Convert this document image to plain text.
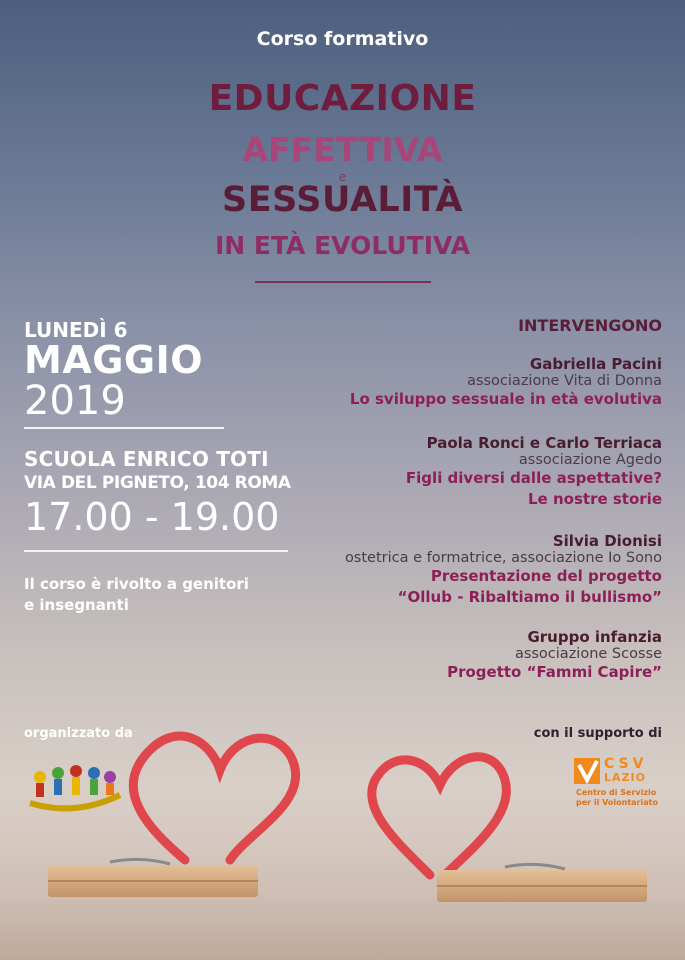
Corso formativo
EDUCAZIONE
AFFETTIVA
e
SESSUALITÀ
IN ETÀ EVOLUTIVA
LUNEDÌ 6
MAGGIO
2019
SCUOLA ENRICO TOTI
VIA DEL PIGNETO, 104 ROMA
17.00 - 19.00
Il corso è rivolto a genitori
e insegnanti
INTERVENGONO
Gabriella Pacini
associazione Vita di Donna
Lo sviluppo sessuale in età evolutiva
Paola Ronci e Carlo Terriaca
associazione Agedo
Figli diversi dalle aspettative?
Le nostre storie
Silvia Dionisi
ostetrica e formatrice, associazione Io Sono
Presentazione del progetto
“Ollub - Ribaltiamo il bullismo”
Gruppo infanzia
associazione Scosse
Progetto “Fammi Capire”
organizzato da	con il supporto di
CSV
LAZIO
Centro di Servizio
per il Volontariato
